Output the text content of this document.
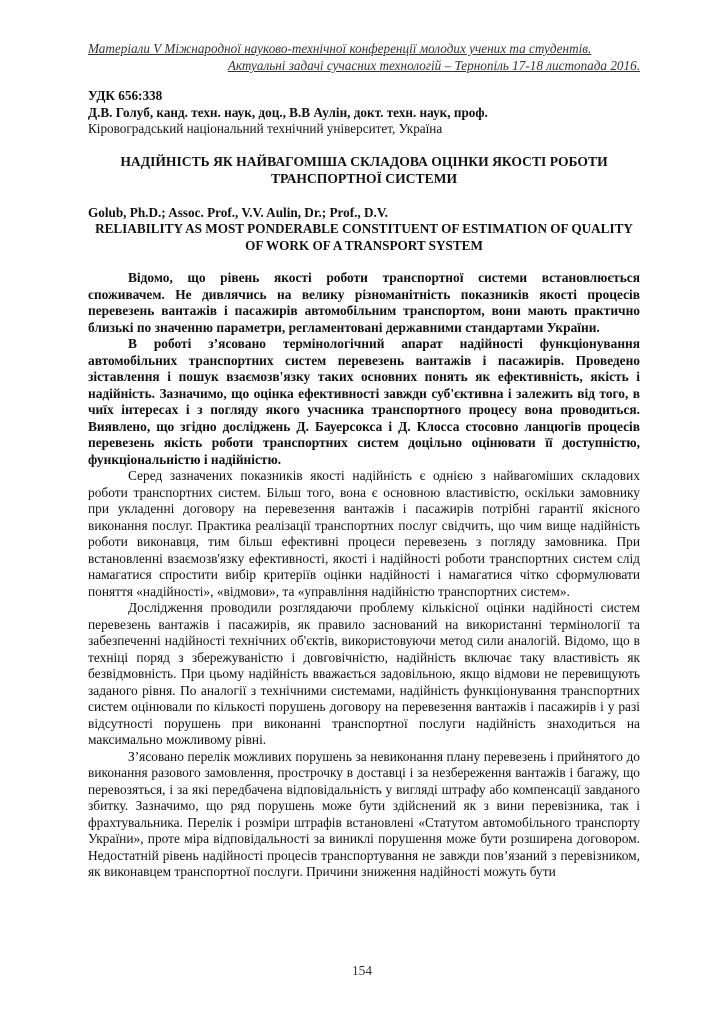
Матеріали V Міжнародної науково-технічної конференції молодих учених та студентів.
Актуальні задачі сучасних технологій – Тернопіль 17-18 листопада 2016.
УДК 656:338
Д.В. Голуб, канд. техн. наук, доц., В.В Аулін, докт. техн. наук, проф.
Кіровоградський національний технічний університет, Україна
НАДІЙНІСТЬ ЯК НАЙВАГОМІША СКЛАДОВА ОЦІНКИ ЯКОСТІ РОБОТИ ТРАНСПОРТНОЇ СИСТЕМИ
Golub, Ph.D.; Assoc. Prof., V.V. Aulin, Dr.; Prof., D.V.
RELIABILITY AS MOST PONDERABLE CONSTITUENT OF ESTIMATION OF QUALITY OF WORK OF A TRANSPORT SYSTEM

Відомо, що рівень якості роботи транспортної системи встановлюється споживачем. Не дивлячись на велику різноманітність показників якості процесів перевезень вантажів і пасажирів автомобільним транспортом, вони мають практично близькі по значенню параметри, регламентовані державними стандартами України.

В роботі з’ясовано термінологічний апарат надійності функціонування автомобільних транспортних систем перевезень вантажів і пасажирів. Проведено зіставлення і пошук взаємозв'язку таких основних понять як ефективність, якість і надійність. Зазначимо, що оцінка ефективності завжди суб'єктивна і залежить від того, в чиїх інтересах і з погляду якого учасника транспортного процесу вона проводиться. Виявлено, що згідно досліджень Д. Бауерсокса і Д. Клосса стосовно ланцюгів процесів перевезень якість роботи транспортних систем доцільно оцінювати її доступністю, функціональністю і надійністю.

Серед зазначених показників якості надійність є однією з найвагоміших складових роботи транспортних систем. Більш того, вона є основною властивістю, оскільки замовнику при укладенні договору на перевезення вантажів і пасажирів потрібні гарантії якісного виконання послуг. Практика реалізації транспортних послуг свідчить, що чим вище надійність роботи виконавця, тим більш ефективні процеси перевезень з погляду замовника. При встановленні взаємозв'язку ефективності, якості і надійності роботи транспортних систем слід намагатися спростити вибір критеріїв оцінки надійності і намагатися чітко сформулювати поняття «надійності», «відмови», та «управління надійністю транспортних систем».

Дослідження проводили розглядаючи проблему кількісної оцінки надійності систем перевезень вантажів і пасажирів, як правило заснований на використанні термінології та забезпеченні надійності технічних об'єктів, використовуючи метод сили аналогій. Відомо, що в техніці поряд з збережуваністю і довговічністю, надійність включає таку властивість як безвідмовність. При цьому надійність вважається задовільною, якщо відмови не перевищують заданого рівня. По аналогії з технічними системами, надійність функціонування транспортних систем оцінювали по кількості порушень договору на перевезення вантажів і пасажирів і у разі відсутності порушень при виконанні транспортної послуги надійність знаходиться на максимально можливому рівні.

З’ясовано перелік можливих порушень за невиконання плану перевезень і прийнятого до виконання разового замовлення, прострочку в доставці і за незбереження вантажів і багажу, що перевозяться, і за які передбачена відповідальність у вигляді штрафу або компенсації завданого збитку. Зазначимо, що ряд порушень може бути здійснений як з вини перевізника, так і фрахтувальника. Перелік і розміри штрафів встановлені «Статутом автомобільного транспорту України», проте міра відповідальності за виниклі порушення може бути розширена договором. Недостатній рівень надійності процесів транспортування не завжди пов’язаний з перевізником, як виконавцем транспортної послуги. Причини зниження надійності можуть бути

154
